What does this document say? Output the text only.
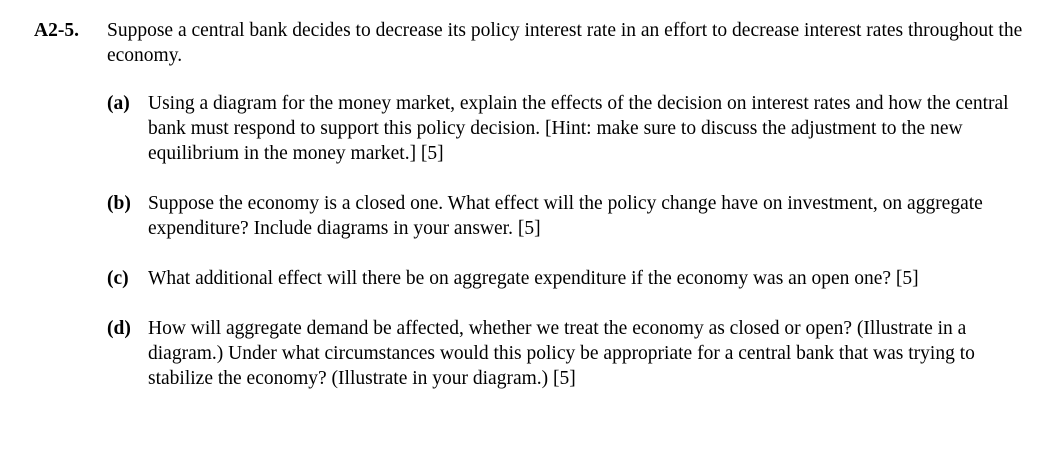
A2-5. Suppose a central bank decides to decrease its policy interest rate in an effort to decrease interest rates throughout the economy.
(a) Using a diagram for the money market, explain the effects of the decision on interest rates and how the central bank must respond to support this policy decision. [Hint: make sure to discuss the adjustment to the new equilibrium in the money market.] [5]
(b) Suppose the economy is a closed one. What effect will the policy change have on investment, on aggregate expenditure? Include diagrams in your answer. [5]
(c) What additional effect will there be on aggregate expenditure if the economy was an open one? [5]
(d) How will aggregate demand be affected, whether we treat the economy as closed or open? (Illustrate in a diagram.) Under what circumstances would this policy be appropriate for a central bank that was trying to stabilize the economy? (Illustrate in your diagram.) [5]
